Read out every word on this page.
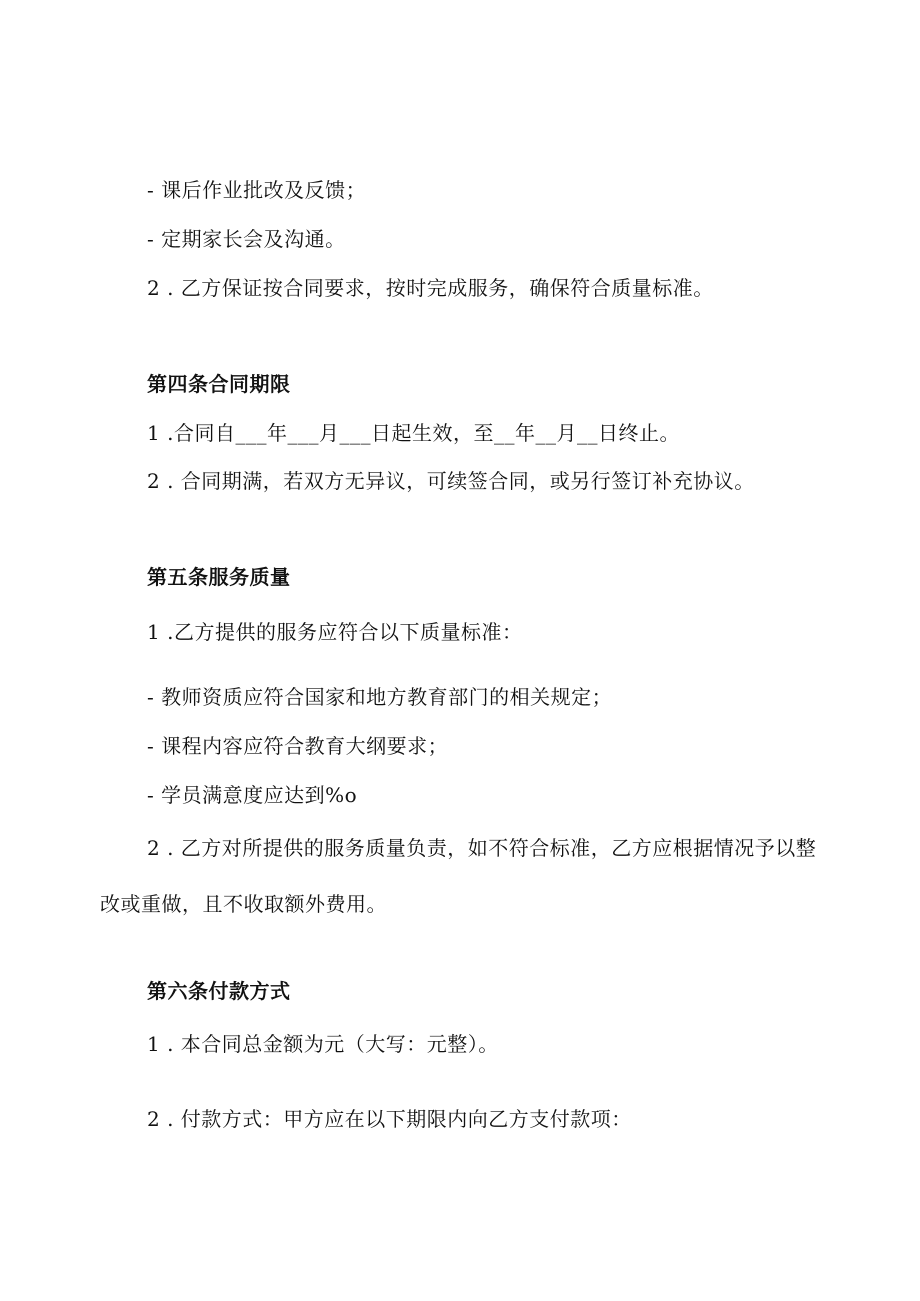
- 课后作业批改及反馈；
- 定期家长会及沟通。
2 . 乙方保证按合同要求，按时完成服务，确保符合质量标准。
第四条合同期限
1 .合同自___年___月___日起生效，至__年__月__日终止。
2 . 合同期满，若双方无异议，可续签合同，或另行签订补充协议。
第五条服务质量
1 .乙方提供的服务应符合以下质量标准：
- 教师资质应符合国家和地方教育部门的相关规定；
- 课程内容应符合教育大纲要求；
- 学员满意度应达到%o
2 . 乙方对所提供的服务质量负责，如不符合标准，乙方应根据情况予以整改或重做，且不收取额外费用。
第六条付款方式
1 . 本合同总金额为元（大写：元整）。
2 . 付款方式：甲方应在以下期限内向乙方支付款项：
